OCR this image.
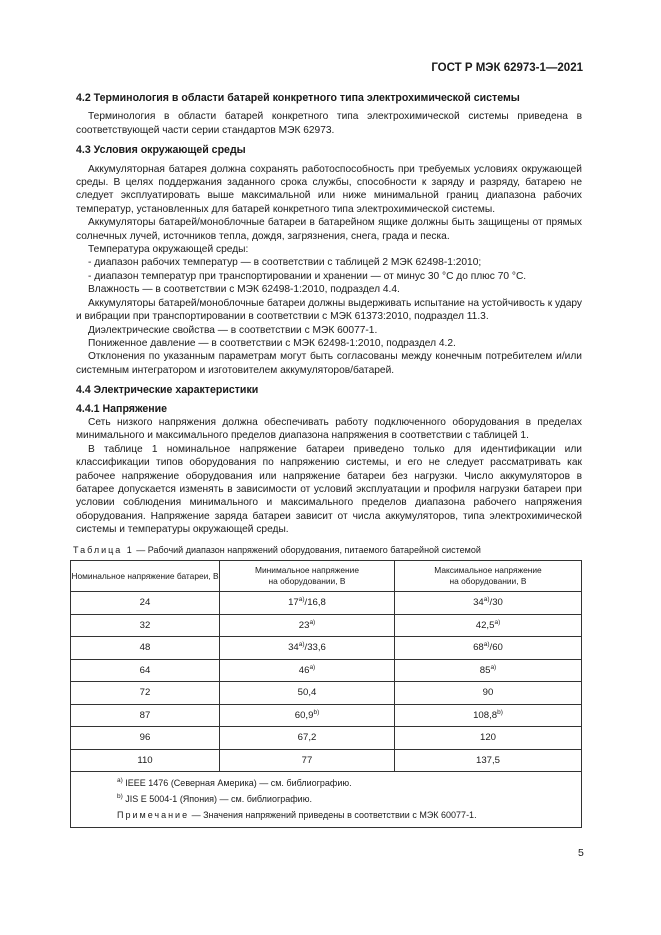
ГОСТ Р МЭК 62973-1—2021
4.2 Терминология в области батарей конкретного типа электрохимической системы

Терминология в области батарей конкретного типа электрохимической системы приведена в соответствующей части серии стандартов МЭК 62973.

4.3 Условия окружающей среды

Аккумуляторная батарея должна сохранять работоспособность при требуемых условиях окружающей среды. В целях поддержания заданного срока службы, способности к заряду и разряду, батарею не следует эксплуатировать выше максимальной или ниже минимальной границ диапазона рабочих температур, установленных для батарей конкретного типа электрохимической системы.

Аккумуляторы батарей/моноблочные батареи в батарейном ящике должны быть защищены от прямых солнечных лучей, источников тепла, дождя, загрязнения, снега, града и песка.

Температура окружающей среды:

- диапазон рабочих температур — в соответствии с таблицей 2 МЭК 62498-1:2010;

- диапазон температур при транспортировании и хранении — от минус 30 °С до плюс 70 °С.

Влажность — в соответствии с МЭК 62498-1:2010, подраздел 4.4.

Аккумуляторы батарей/моноблочные батареи должны выдерживать испытание на устойчивость к удару и вибрации при транспортировании в соответствии с МЭК 61373:2010, подраздел 11.3.

Диэлектрические свойства — в соответствии с МЭК 60077-1.

Пониженное давление — в соответствии с МЭК 62498-1:2010, подраздел 4.2.

Отклонения по указанным параметрам могут быть согласованы между конечным потребителем и/или системным интегратором и изготовителем аккумуляторов/батарей.

4.4 Электрические характеристики
4.4.1 Напряжение

Сеть низкого напряжения должна обеспечивать работу подключенного оборудования в пределах минимального и максимального пределов диапазона напряжения в соответствии с таблицей 1.

В таблице 1 номинальное напряжение батареи приведено только для идентификации или классификации типов оборудования по напряжению системы, и его не следует рассматривать как рабочее напряжение оборудования или напряжение батареи без нагрузки. Число аккумуляторов в батарее допускается изменять в зависимости от условий эксплуатации и профиля нагрузки батареи при условии соблюдения минимального и максимального пределов диапазона рабочего напряжения оборудования. Напряжение заряда батареи зависит от числа аккумуляторов, типа электрохимической системы и температуры окружающей среды.

Таблица 1 — Рабочий диапазон напряжений оборудования, питаемого батарейной системой
Номинальное напряжение батареи, В	Минимальное напряжение
на оборудовании, В	Максимальное напряжение
на оборудовании, В
24	17$^{a)}$/16,8	34$^{a)}$/30
32	23$^{a)}$	42,5$^{a)}$
48	34$^{a)}$/33,6	68$^{a)}$/60
64	46$^{a)}$	85$^{a)}$
72	50,4	90
87	60,9$^{b)}$	108,8$^{b)}$
96	67,2	120
110	77	137,5

$^{a)}$ IEEE 1476 (Северная Америка) — см. библиографию.
$^{b)}$ JIS E 5004-1 (Япония) — см. библиографию.
Примечание — Значения напряжений приведены в соответствии с МЭК 60077-1.		
5
